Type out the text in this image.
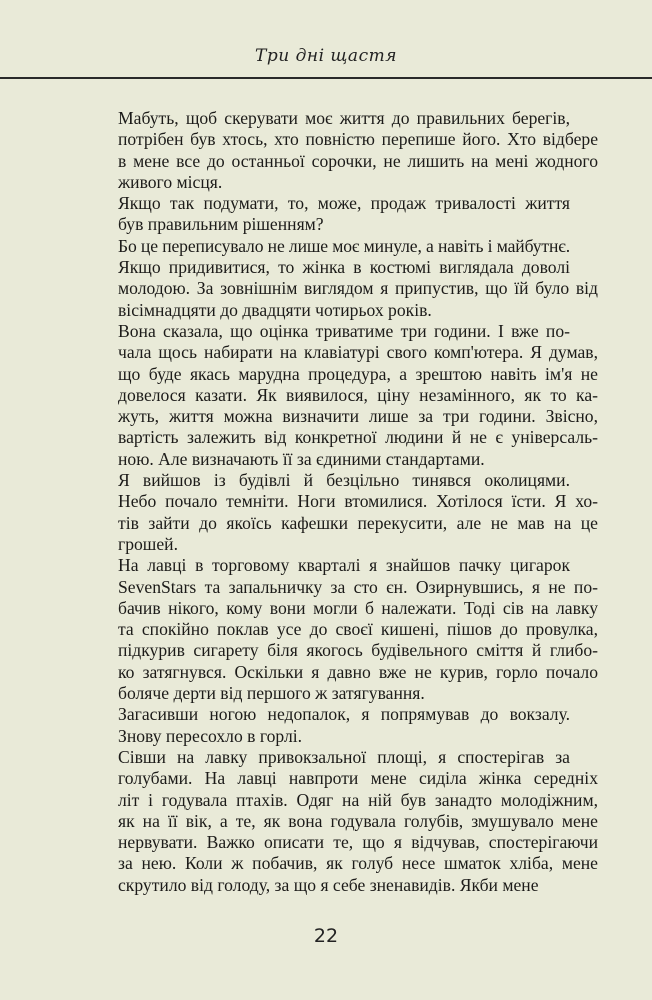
Три дні щастя

Мабуть, щоб скерувати моє життя до правильних берегів,
потрібен був хтось, хто повністю перепише його. Хто відбере
в мене все до останньої сорочки, не лишить на мені жодного
живого місця.

Якщо так подумати, то, може, продаж тривалості життя
був правильним рішенням?

Бо це переписувало не лише моє минуле, а навіть і майбутнє.

Якщо придивитися, то жінка в костюмі виглядала доволі
молодою. За зовнішнім виглядом я припустив, що їй було від
вісімнадцяти до двадцяти чотирьох років.

Вона сказала, що оцінка триватиме три години. І вже по-
чала щось набирати на клавіатурі свого комп'ютера. Я думав,
що буде якась марудна процедура, а зрештою навіть ім'я не
довелося казати. Як виявилося, ціну незамінного, як то ка-
жуть, життя можна визначити лише за три години. Звісно,
вартість залежить від конкретної людини й не є універсаль-
ною. Але визначають її за єдиними стандартами.

Я вийшов із будівлі й безцільно тинявся околицями.
Небо почало темніти. Ноги втомилися. Хотілося їсти. Я хо-
тів зайти до якоїсь кафешки перекусити, але не мав на це
грошей.

На лавці в торговому кварталі я знайшов пачку цигарок
SevenStars та запальничку за сто єн. Озирнувшись, я не по-
бачив нікого, кому вони могли б належати. Тоді сів на лавку
та спокійно поклав усе до своєї кишені, пішов до провулка,
підкурив сигарету біля якогось будівельного сміття й глибо-
ко затягнувся. Оскільки я давно вже не курив, горло почало
боляче дерти від першого ж затягування.

Загасивши ногою недопалок, я попрямував до вокзалу.
Знову пересохло в горлі.

Сівши на лавку привокзальної площі, я спостерігав за
голубами. На лавці навпроти мене сиділа жінка середніх
літ і годувала птахів. Одяг на ній був занадто молодіжним,
як на її вік, а те, як вона годувала голубів, змушувало мене
нервувати. Важко описати те, що я відчував, спостерігаючи
за нею. Коли ж побачив, як голуб несе шматок хліба, мене
скрутило від голоду, за що я себе зненавидів. Якби мене

22
